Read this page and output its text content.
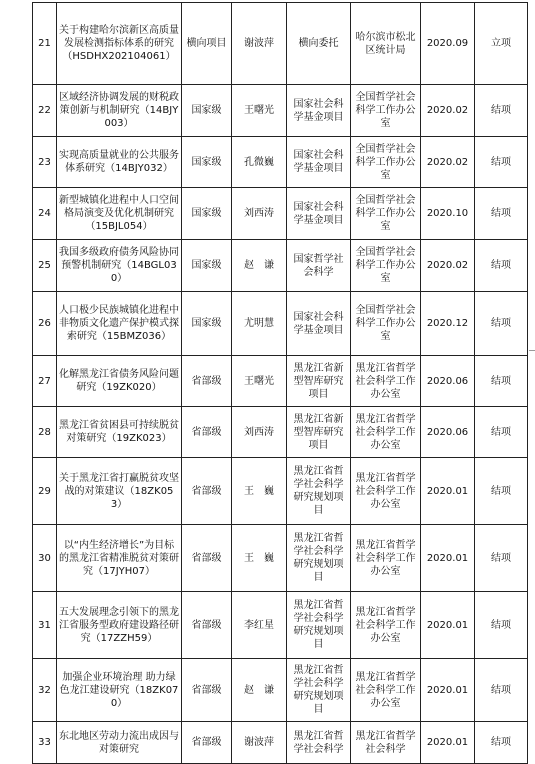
21	关于构建哈尔滨新区高质量发展检测指标体系的研究（HSDHX202104061）	横向项目	谢波萍	横向委托	哈尔滨市松北区统计局	2020.09	立项
22	区域经济协调发展的财税政策创新与机制研究（14BJY003）	国家级	王曙光	国家社会科学基金项目	全国哲学社会科学工作办公室	2020.02	结项
23	实现高质量就业的公共服务体系研究（14BJY032）	国家级	孔微巍	国家社会科学基金项目	全国哲学社会科学工作办公室	2020.02	结项
24	新型城镇化进程中人口空间格局演变及优化机制研究（15BJL054）	国家级	刘西涛	国家社会科学基金项目	全国哲学社会科学工作办公室	2020.10	结项
25	我国多级政府债务风险协同预警机制研究（14BGL030）	国家级	赵　谦	国家哲学社会科学	全国哲学社会科学工作办公室	2020.02	结项
26	人口极少民族城镇化进程中非物质文化遗产保护模式探索研究（15BMZ036）	国家级	尤明慧	国家社会科学基金项目	全国哲学社会科学工作办公室	2020.12	结项
27	化解黑龙江省债务风险问题研究（19ZK020）	省部级	王曙光	黑龙江省新型智库研究项目	黑龙江省哲学社会科学工作办公室	2020.06	结项
28	黑龙江省贫困县可持续脱贫对策研究（19ZK023）	省部级	刘西涛	黑龙江省新型智库研究项目	黑龙江省哲学社会科学工作办公室	2020.06	结项
29	关于黑龙江省打赢脱贫攻坚战的对策建议（18ZK053）	省部级	王　巍	黑龙江省哲学社会科学研究规划项目	黑龙江省哲学社会科学工作办公室	2020.01	结项
30	以“内生经济增长”为目标的黑龙江省精准脱贫对策研究（17JYH07）	省部级	王　巍	黑龙江省哲学社会科学研究规划项目	黑龙江省哲学社会科学工作办公室	2020.01	结项
31	五大发展理念引领下的黑龙江省服务型政府建设路径研究（17ZZH59）	省部级	李红星	黑龙江省哲学社会科学研究规划项目	黑龙江省哲学社会科学工作办公室	2020.01	结项
32	加强企业环境治理 助力绿色龙江建设研究（18ZK070）	省部级	赵　谦	黑龙江省哲学社会科学研究规划项目	黑龙江省哲学社会科学工作办公室	2020.01	结项
33	东北地区劳动力流出成因与对策研究	省部级	谢波萍	黑龙江省哲学社会科学	黑龙江省哲学社会科学	2020.01	结项
